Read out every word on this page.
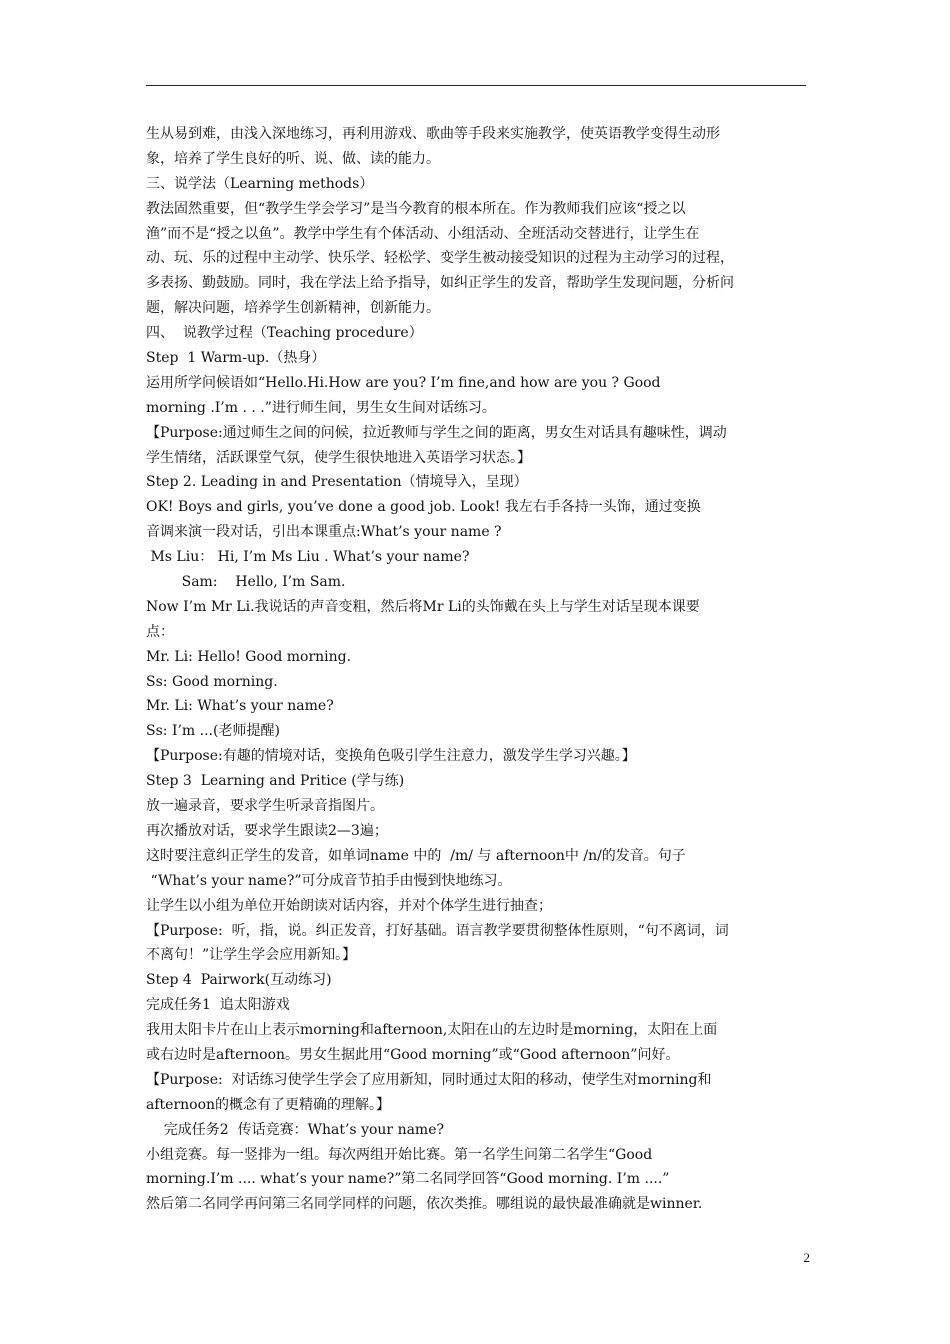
生从易到难，由浅入深地练习，再利用游戏、歌曲等手段来实施教学，使英语教学变得生动形
象，培养了学生良好的听、说、做、读的能力。
三、说学法（Learning methods）
教法固然重要，但“教学生学会学习”是当今教育的根本所在。作为教师我们应该“授之以
渔”而不是“授之以鱼”。教学中学生有个体活动、小组活动、全班活动交替进行，让学生在
动、玩、乐的过程中主动学、快乐学、轻松学、变学生被动接受知识的过程为主动学习的过程，
多表扬、勤鼓励。同时，我在学法上给予指导，如纠正学生的发音，帮助学生发现问题，分析问
题，解决问题，培养学生创新精神，创新能力。
四、  说教学过程（Teaching procedure）
Step  1 Warm-up.（热身）
运用所学问候语如“Hello.Hi.How are you? I’m fine,and how are you ? Good
morning .I’m . . .”进行师生间，男生女生间对话练习。
【Purpose:通过师生之间的问候，拉近教师与学生之间的距离，男女生对话具有趣味性，调动
学生情绪，活跃课堂气氛，使学生很快地进入英语学习状态。】
Step 2. Leading in and Presentation（情境导入，呈现）
OK! Boys and girls, you’ve done a good job. Look! 我左右手各持一头饰，通过变换
音调来演一段对话，引出本课重点:What’s your name ?
Ms Liu： Hi, I’m Ms Liu . What’s your name?
Sam:    Hello, I’m Sam.
Now I’m Mr Li.我说话的声音变粗，然后将Mr Li的头饰戴在头上与学生对话呈现本课要
点：
Mr. Li: Hello! Good morning.
Ss: Good morning.
Mr. Li: What’s your name?
Ss: I’m ...(老师提醒)
【Purpose:有趣的情境对话，变换角色吸引学生注意力，激发学生学习兴趣。】
Step 3  Learning and Pritice (学与练)
放一遍录音，要求学生听录音指图片。
再次播放对话，要求学生跟读2—3遍；
这时要注意纠正学生的发音，如单词name 中的  /m/ 与 afternoon中 /n/的发音。句子
“What’s your name?”可分成音节拍手由慢到快地练习。
让学生以小组为单位开始朗读对话内容，并对个体学生进行抽查；
【Purpose:  听，指，说。纠正发音，打好基础。语言教学要贯彻整体性原则，“句不离词，词
不离句！”让学生学会应用新知。】
Step 4  Pairwork(互动练习)
完成任务1  追太阳游戏
我用太阳卡片在山上表示morning和afternoon,太阳在山的左边时是morning，太阳在上面
或右边时是afternoon。男女生据此用“Good morning”或“Good afternoon”问好。
【Purpose:  对话练习使学生学会了应用新知，同时通过太阳的移动，使学生对morning和
afternoon的概念有了更精确的理解。】
完成任务2  传话竞赛：What’s your name?
小组竞赛。每一竖排为一组。每次两组开始比赛。第一名学生问第二名学生“Good
morning.I’m .... what’s your name?”第二名同学回答“Good morning. I’m ....”
然后第二名同学再问第三名同学同样的问题，依次类推。哪组说的最快最准确就是winner.
2
